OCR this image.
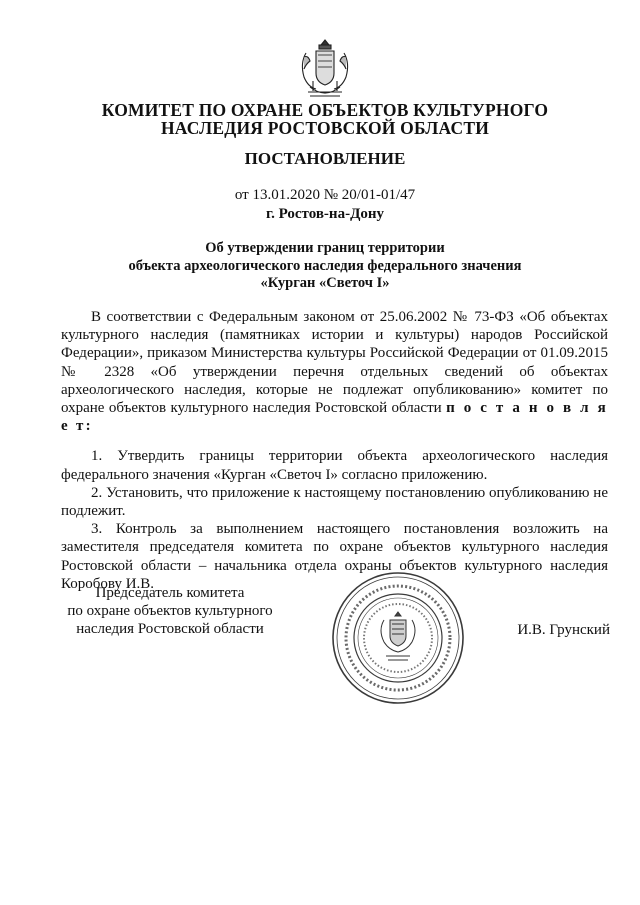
КОМИТЕТ ПО ОХРАНЕ ОБЪЕКТОВ КУЛЬТУРНОГО
НАСЛЕДИЯ РОСТОВСКОЙ ОБЛАСТИ
ПОСТАНОВЛЕНИЕ
от 13.01.2020 № 20/01-01/47
г. Ростов-на-Дону
Об утверждении границ территории
объекта археологического наследия федерального значения
«Курган «Светоч I»

В соответствии с Федеральным законом от 25.06.2002 № 73-ФЗ «Об объектах культурного наследия (памятниках истории и культуры) народов Российской Федерации», приказом Министерства культуры Российской Федерации от 01.09.2015 № 2328 «Об утверждении перечня отдельных сведений об объектах археологического наследия, которые не подлежат опубликованию» комитет по охране объектов культурного наследия Ростовской области п о с т а н о в л я е т:

1. Утвердить границы территории объекта археологического наследия федерального значения «Курган «Светоч I» согласно приложению.

2. Установить, что приложение к настоящему постановлению опубликованию не подлежит.

3. Контроль за выполнением настоящего постановления возложить на заместителя председателя комитета по охране объектов культурного наследия Ростовской области – начальника отдела охраны объектов культурного наследия Коробову И.В.

Председатель комитета
по охране объектов культурного
наследия Ростовской области	И.В. Грунский
